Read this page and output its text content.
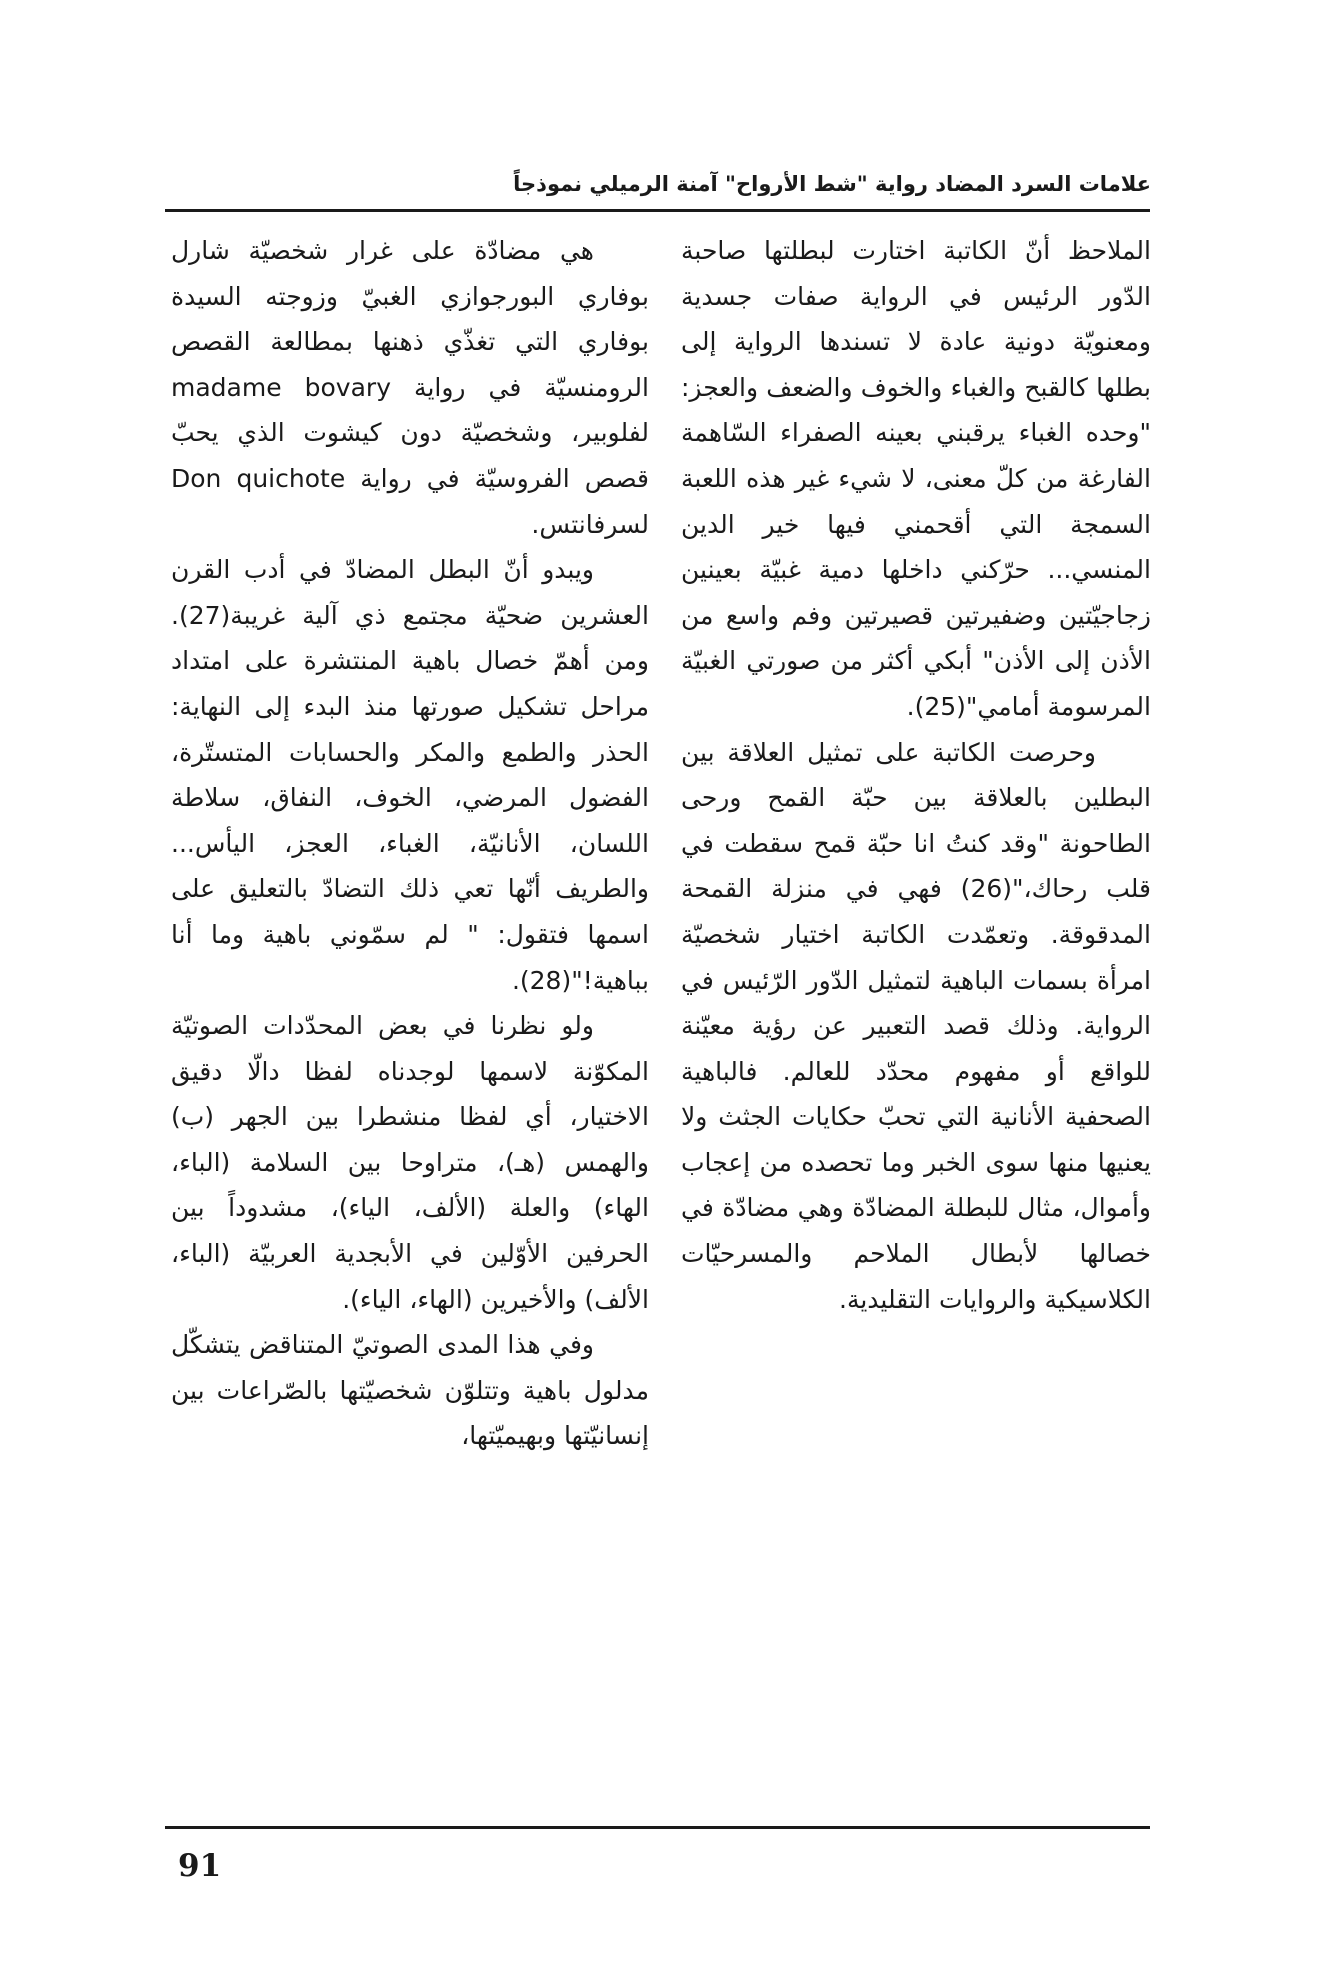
علامات السرد المضاد رواية "شط الأرواح" آمنة الرميلي نموذجاً

الملاحظ أنّ الكاتبة اختارت لبطلتها صاحبة الدّور الرئيس في الرواية صفات جسدية ومعنويّة دونية عادة لا تسندها الرواية إلى بطلها كالقبح والغباء والخوف والضعف والعجز: "وحده الغباء يرقبني بعينه الصفراء السّاهمة الفارغة من كلّ معنى، لا شيء غير هذه اللعبة السمجة التي أقحمني فيها خير الدين المنسي... حرّكني داخلها دمية غبيّة بعينين زجاجيّتين وضفيرتين قصيرتين وفم واسع من الأذن إلى الأذن" أبكي أكثر من صورتي الغبيّة المرسومة أمامي"(25).

وحرصت الكاتبة على تمثيل العلاقة بين البطلين بالعلاقة بين حبّة القمح ورحى الطاحونة "وقد كنتُ انا حبّة قمح سقطت في قلب رحاك،"(26) فهي في منزلة القمحة المدقوقة. وتعمّدت الكاتبة اختيار شخصيّة امرأة بسمات الباهية لتمثيل الدّور الرّئيس في الرواية. وذلك قصد التعبير عن رؤية معيّنة للواقع أو مفهوم محدّد للعالم. فالباهية الصحفية الأنانية التي تحبّ حكايات الجثث ولا يعنيها منها سوى الخبر وما تحصده من إعجاب وأموال، مثال للبطلة المضادّة وهي مضادّة في خصالها لأبطال الملاحم والمسرحيّات الكلاسيكية والروايات التقليدية.

هي مضادّة على غرار شخصيّة شارل بوفاري البورجوازي الغبيّ وزوجته السيدة بوفاري التي تغذّي ذهنها بمطالعة القصص الرومنسيّة في رواية madame bovary لفلوبير، وشخصيّة دون كيشوت الذي يحبّ قصص الفروسيّة في رواية Don quichote لسرفانتس.

ويبدو أنّ البطل المضادّ في أدب القرن العشرين ضحيّة مجتمع ذي آلية غريبة(27). ومن أهمّ خصال باهية المنتشرة على امتداد مراحل تشكيل صورتها منذ البدء إلى النهاية: الحذر والطمع والمكر والحسابات المتستّرة، الفضول المرضي، الخوف، النفاق، سلاطة اللسان، الأنانيّة، الغباء، العجز، اليأس... والطريف أنّها تعي ذلك التضادّ بالتعليق على اسمها فتقول: " لم سمّوني باهية وما أنا بباهية!"(28).

ولو نظرنا في بعض المحدّدات الصوتيّة المكوّنة لاسمها لوجدناه لفظا دالّا دقيق الاختيار، أي لفظا منشطرا بين الجهر (ب) والهمس (هـ)، متراوحا بين السلامة (الباء، الهاء) والعلة (الألف، الياء)، مشدوداً بين الحرفين الأوّلين في الأبجدية العربيّة (الباء، الألف) والأخيرين (الهاء، الياء).

وفي هذا المدى الصوتيّ المتناقض يتشكّل مدلول باهية وتتلوّن شخصيّتها بالصّراعات بين إنسانيّتها وبهيميّتها،

91
